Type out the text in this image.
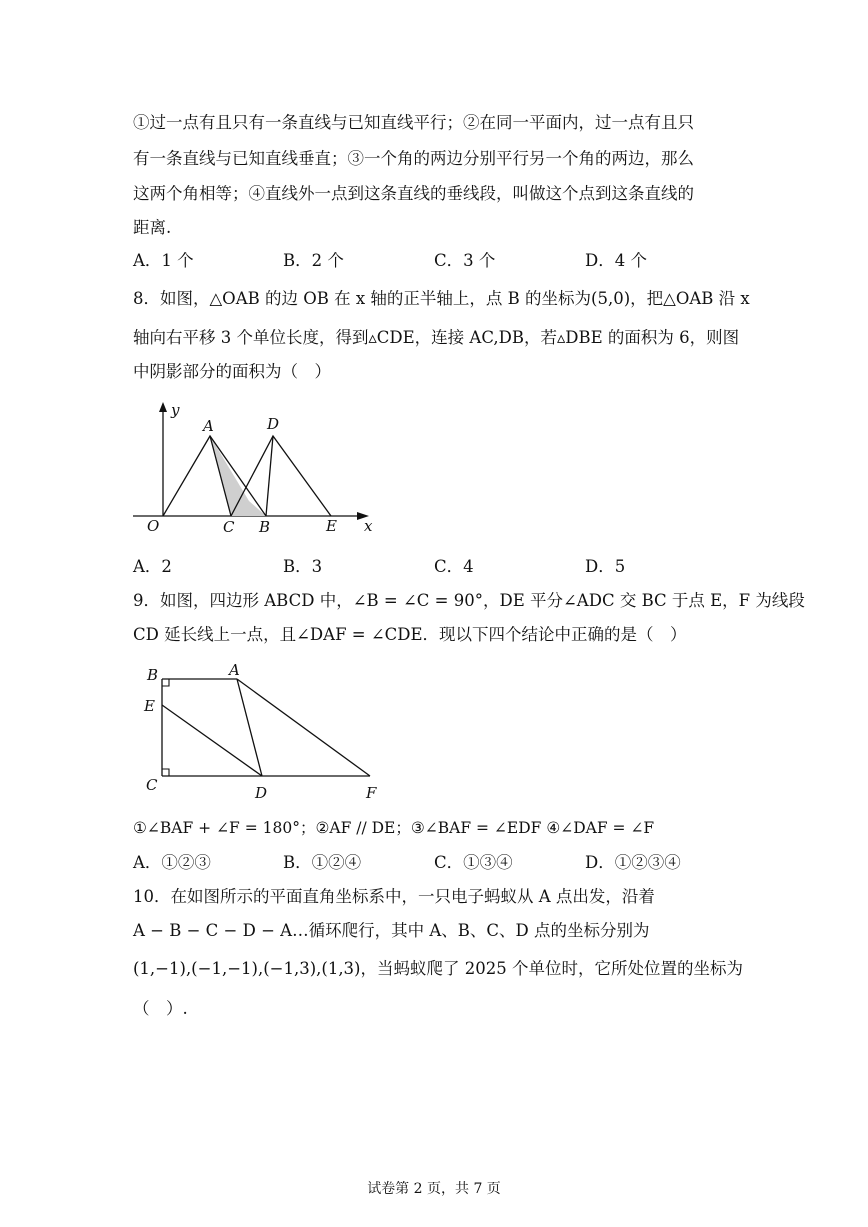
①过一点有且只有一条直线与已知直线平行；②在同一平面内，过一点有且只
有一条直线与已知直线垂直；③一个角的两边分别平行另一个角的两边，那么
这两个角相等；④直线外一点到这条直线的垂线段，叫做这个点到这条直线的
距离.
A．1 个	B．2 个	C．3 个	D．4 个
8．如图，△OAB 的边 OB 在 x 轴的正半轴上，点 B 的坐标为(5,0)，把△OAB 沿 x
轴向右平移 3 个单位长度，得到▵CDE，连接 AC,DB，若▵DBE 的面积为 6，则图
中阴影部分的面积为（　）
y
A	D
O	C B	E x
A．2	B．3	C．4	D．5
9．如图，四边形 ABCD 中，∠B = ∠C = 90°，DE 平分∠ADC 交 BC 于点 E，F 为线段
CD 延长线上一点，且∠DAF = ∠CDE．现以下四个结论中正确的是（　）
B	A
E
C	D	F
①∠BAF + ∠F = 180°；②AF // DE；③∠BAF = ∠EDF ④∠DAF = ∠F
A．①②③	B．①②④	C．①③④	D．①②③④
10．在如图所示的平面直角坐标系中，一只电子蚂蚁从 A 点出发，沿着
A − B − C − D − A…循环爬行，其中 A、B、C、D 点的坐标分别为
(1,−1),(−1,−1),(−1,3),(1,3)，当蚂蚁爬了 2025 个单位时，它所处位置的坐标为
（　）.
试卷第 2 页，共 7 页
